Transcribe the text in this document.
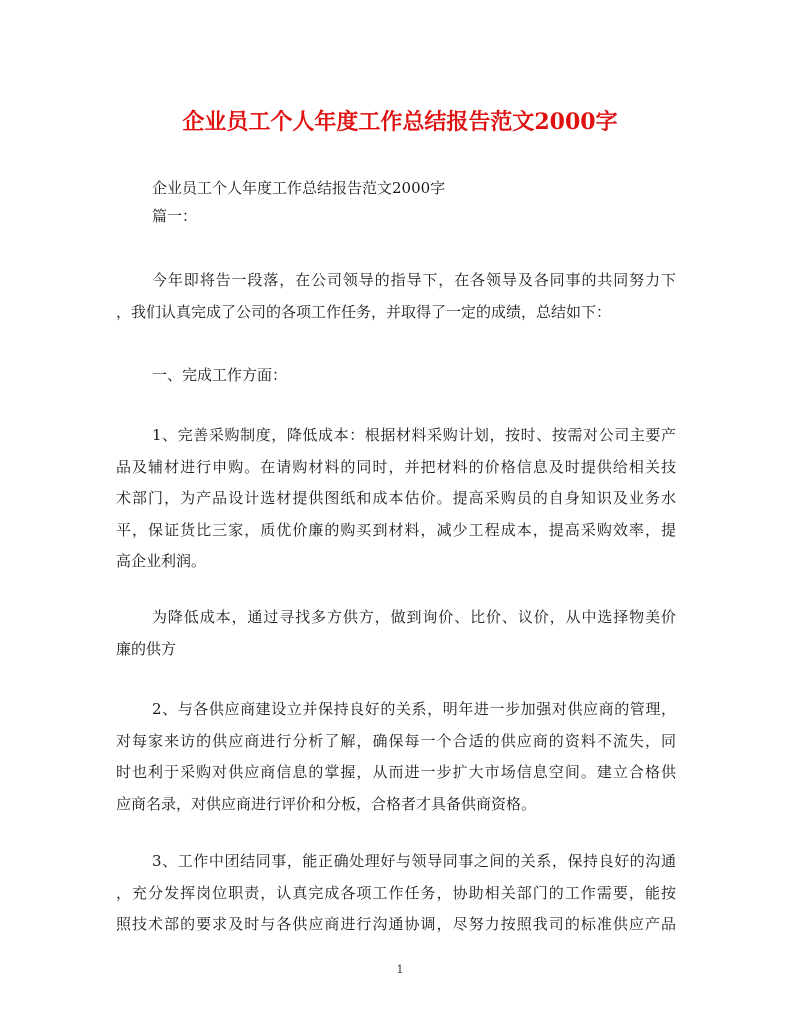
企业员工个人年度工作总结报告范文2000字
企业员工个人年度工作总结报告范文2000字
篇一：
今年即将告一段落，在公司领导的指导下，在各领导及各同事的共同努力下
，我们认真完成了公司的各项工作任务，并取得了一定的成绩，总结如下：
一、完成工作方面：
1、完善采购制度，降低成本：根据材料采购计划，按时、按需对公司主要产
品及辅材进行申购。在请购材料的同时，并把材料的价格信息及时提供给相关技
术部门，为产品设计选材提供图纸和成本估价。提高采购员的自身知识及业务水
平，保证货比三家，质优价廉的购买到材料，减少工程成本，提高采购效率，提
高企业利润。
为降低成本，通过寻找多方供方，做到询价、比价、议价，从中选择物美价
廉的供方
2、与各供应商建设立并保持良好的关系，明年进一步加强对供应商的管理，
对每家来访的供应商进行分析了解，确保每一个合适的供应商的资料不流失，同
时也利于采购对供应商信息的掌握，从而进一步扩大市场信息空间。建立合格供
应商名录，对供应商进行评价和分板，合格者才具备供商资格。
3、工作中团结同事，能正确处理好与领导同事之间的关系，保持良好的沟通
，充分发挥岗位职责，认真完成各项工作任务，协助相关部门的工作需要，能按
照技术部的要求及时与各供应商进行沟通协调，尽努力按照我司的标准供应产品
1
